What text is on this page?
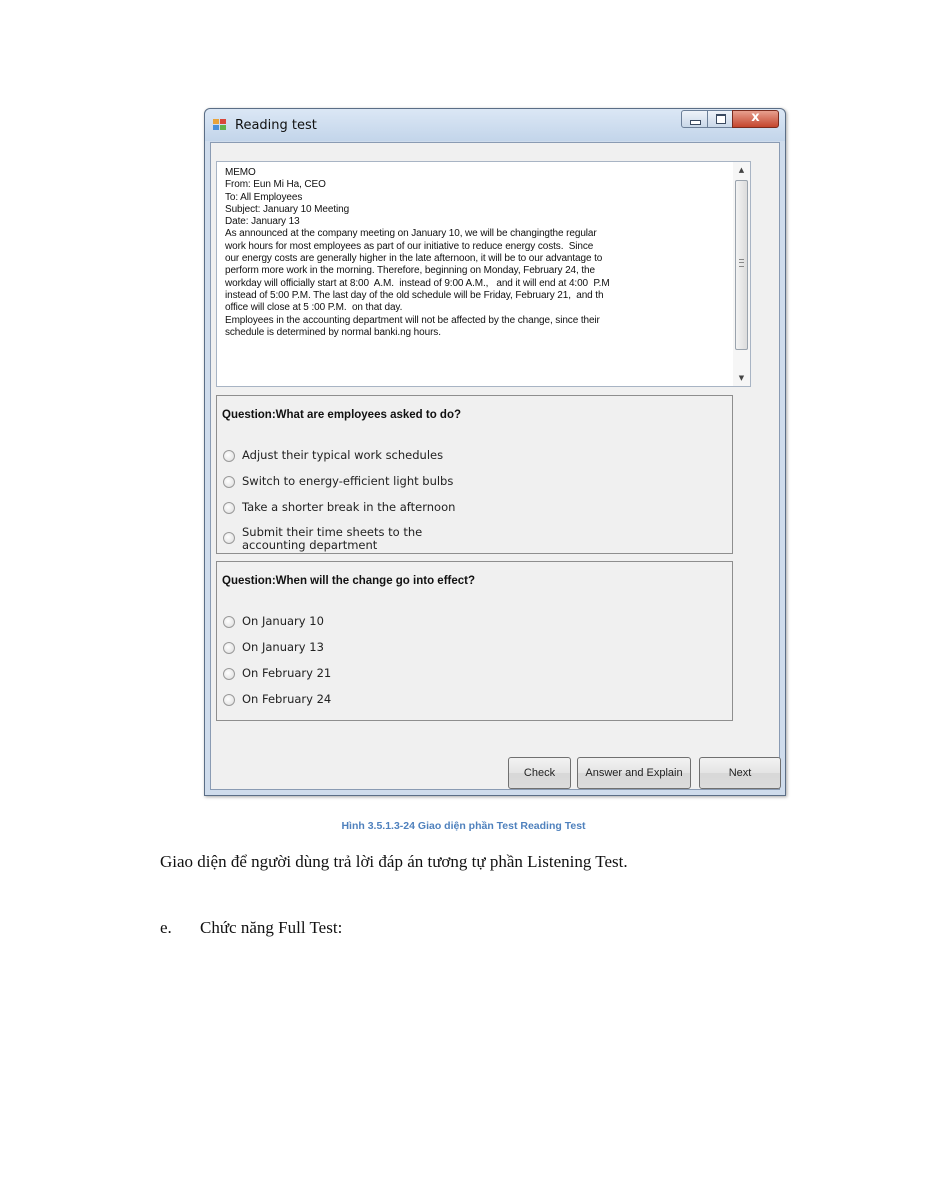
Reading test
x
MEMO
From: Eun Mi Ha, CEO
To: All Employees
Subject: January 10 Meeting
Date: January 13
As announced at the company meeting on January 10, we will be changingthe regular
work hours for most employees as part of our initiative to reduce energy costs.  Since
our energy costs are generally higher in the late afternoon, it will be to our advantage to
perform more work in the morning. Therefore, beginning on Monday, February 24, the
workday will officially start at 8:00  A.M.  instead of 9:00 A.M.,   and it will end at 4:00  P.M
instead of 5:00 P.M. The last day of the old schedule will be Friday, February 21,  and th
office will close at 5 :00 P.M.  on that day.
Employees in the accounting department will not be affected by the change, since their
schedule is determined by normal banki.ng hours.
▲
▼
Question:What are employees asked to do?
Adjust their typical work schedules
Switch to energy-efficient light bulbs
Take a shorter break in the afternoon
Submit their time sheets to the accounting department
Question:When will the change go into effect?
On January 10
On January 13
On February 21
On February 24
Check	Answer and Explain	Next
Hình 3.5.1.3-24 Giao diện phần Test Reading Test
Giao diện để người dùng trả lời đáp án tương tự phần Listening Test.
e. Chức năng Full Test:
